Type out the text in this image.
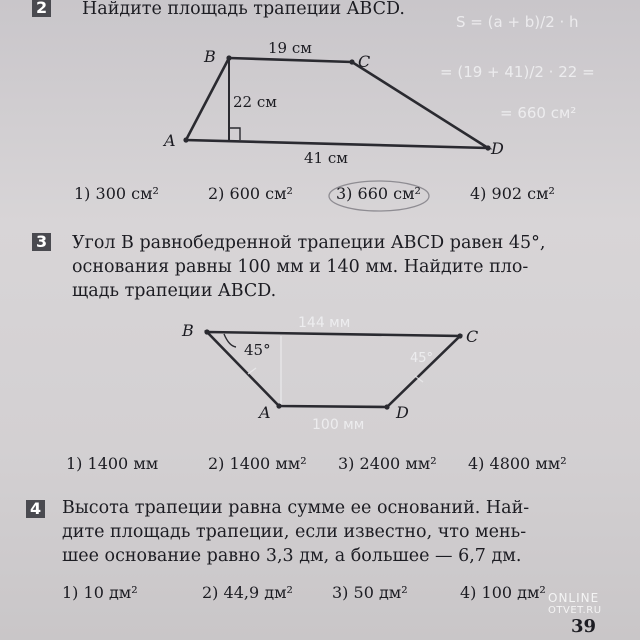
2 Найдите площадь трапеции ABCD.

B	C
D
A
19 см
22 см
41 см
S = (a + b)/2 · h
= (19 + 41)/2 · 22 =
= 660 см²
1) 300 см²	2) 600 см²	3) 660 см²	4) 902 см²
3 Угол B равнобедренной трапеции ABCD равен 45°,

основания равны 100 мм и 140 мм. Найдите пло-

щадь трапеции ABCD.

B	C
D
A
45°
144 мм
100 мм
45°
1) 1400 мм	2) 1400 мм² 3) 2400 мм² 4) 4800 мм²
4 Высота трапеции равна сумме ее оснований. Най-

дите площадь трапеции, если известно, что мень-

шее основание равно 3,3 дм, а большее — 6,7 дм.

1) 10 дм²	2) 44,9 дм² 3) 50 дм²	4) 100 дм²
39
ONLINE
OTVET.RU
